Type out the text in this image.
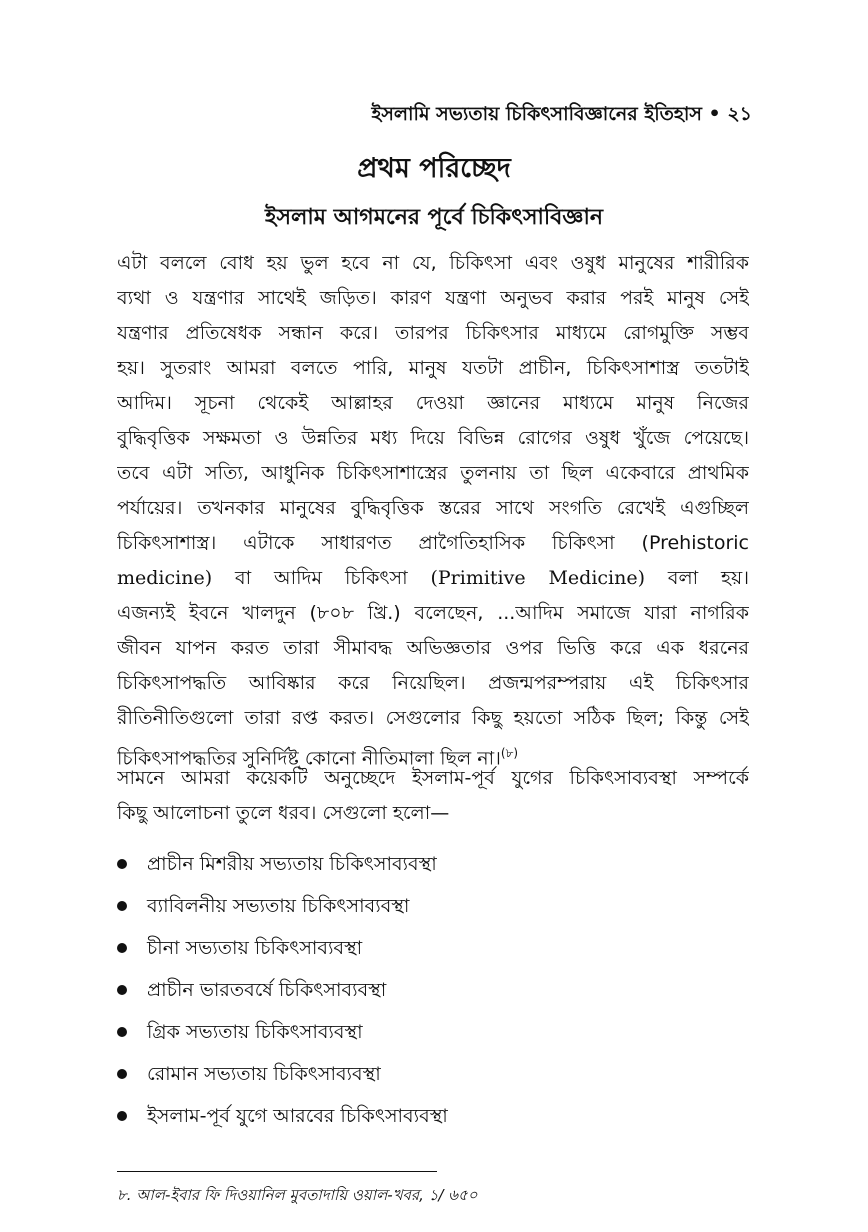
ইসলামি সভ্যতায় চিকিৎসাবিজ্ঞানের ইতিহাস • ২১
প্রথম পরিচ্ছেদ
ইসলাম আগমনের পূর্বে চিকিৎসাবিজ্ঞান
এটা বললে বোধ হয় ভুল হবে না যে, চিকিৎসা এবং ওষুধ মানুষের শারীরিক
ব্যথা ও যন্ত্রণার সাথেই জড়িত। কারণ যন্ত্রণা অনুভব করার পরই মানুষ সেই
যন্ত্রণার প্রতিষেধক সন্ধান করে। তারপর চিকিৎসার মাধ্যমে রোগমুক্তি সম্ভব
হয়। সুতরাং আমরা বলতে পারি, মানুষ যতটা প্রাচীন, চিকিৎসাশাস্ত্র ততটাই
আদিম। সূচনা থেকেই আল্লাহর দেওয়া জ্ঞানের মাধ্যমে মানুষ নিজের
বুদ্ধিবৃত্তিক সক্ষমতা ও উন্নতির মধ্য দিয়ে বিভিন্ন রোগের ওষুধ খুঁজে পেয়েছে।
তবে এটা সত্যি, আধুনিক চিকিৎসাশাস্ত্রের তুলনায় তা ছিল একেবারে প্রাথমিক
পর্যায়ের। তখনকার মানুষের বুদ্ধিবৃত্তিক স্তরের সাথে সংগতি রেখেই এগুচ্ছিল
চিকিৎসাশাস্ত্র। এটাকে সাধারণত প্রাগৈতিহাসিক চিকিৎসা (Prehistoric
medicine) বা আদিম চিকিৎসা (Primitive Medicine) বলা হয়।
এজন্যই ইবনে খালদুন (৮০৮ খ্রি.) বলেছেন, ...আদিম সমাজে যারা নাগরিক
জীবন যাপন করত তারা সীমাবদ্ধ অভিজ্ঞতার ওপর ভিত্তি করে এক ধরনের
চিকিৎসাপদ্ধতি আবিষ্কার করে নিয়েছিল। প্রজন্মপরম্পরায় এই চিকিৎসার
রীতিনীতিগুলো তারা রপ্ত করত। সেগুলোর কিছু হয়তো সঠিক ছিল; কিন্তু সেই
চিকিৎসাপদ্ধতির সুনির্দিষ্ট কোনো নীতিমালা ছিল না।$^{(৮)}$
সামনে আমরা কয়েকটি অনুচ্ছেদে ইসলাম-পূর্ব যুগের চিকিৎসাব্যবস্থা সম্পর্কে
কিছু আলোচনা তুলে ধরব। সেগুলো হলো—
প্রাচীন মিশরীয় সভ্যতায় চিকিৎসাব্যবস্থা
ব্যাবিলনীয় সভ্যতায় চিকিৎসাব্যবস্থা
চীনা সভ্যতায় চিকিৎসাব্যবস্থা
প্রাচীন ভারতবর্ষে চিকিৎসাব্যবস্থা
গ্রিক সভ্যতায় চিকিৎসাব্যবস্থা
রোমান সভ্যতায় চিকিৎসাব্যবস্থা
ইসলাম-পূর্ব যুগে আরবের চিকিৎসাব্যবস্থা
৮. আল-ইবার ফি দিওয়ানিল মুবতাদায়ি ওয়াল-খবর, ১/ ৬৫০
